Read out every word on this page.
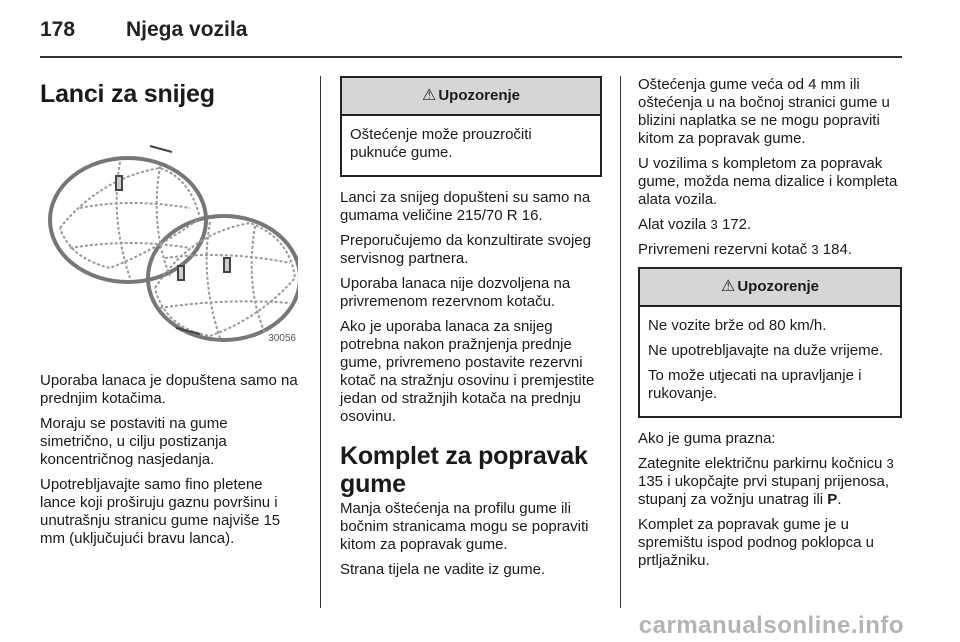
178 Njega vozila
Lanci za snijeg
30056

Uporaba lanaca je dopuštena samo na prednjim kotačima.

Moraju se postaviti na gume simetrično, u cilju postizanja koncentričnog nasjedanja.

Upotrebljavajte samo fino pletene lance koji proširuju gaznu površinu i unutrašnju stranicu gume najviše 15 mm (uključujući bravu lanca).

⚠ Upozorenje

Oštećenje može prouzročiti puknuće gume.

Lanci za snijeg dopušteni su samo na gumama veličine 215/70 R 16.

Preporučujemo da konzultirate svojeg servisnog partnera.

Uporaba lanaca nije dozvoljena na privremenom rezervnom kotaču.

Ako je uporaba lanaca za snijeg potrebna nakon pražnjenja prednje gume, privremeno postavite rezervni kotač na stražnju osovinu i premjestite jedan od stražnjih kotača na prednju osovinu.

Komplet za popravak gume

Manja oštećenja na profilu gume ili bočnim stranicama mogu se popraviti kitom za popravak gume.

Strana tijela ne vadite iz gume.

Oštećenja gume veća od 4 mm ili oštećenja u na bočnoj stranici gume u blizini naplatka se ne mogu popraviti kitom za popravak gume.

U vozilima s kompletom za popravak gume, možda nema dizalice i kompleta alata vozila.

Alat vozila 3 172.

Privremeni rezervni kotač 3 184.

⚠ Upozorenje

Ne vozite brže od 80 km/h.

Ne upotrebljavajte na duže vrijeme.

To može utjecati na upravljanje i rukovanje.

Ako je guma prazna:

Zategnite električnu parkirnu kočnicu 3 135 i ukopčajte prvi stupanj prijenosa, stupanj za vožnju unatrag ili P.

Komplet za popravak gume je u spremištu ispod podnog poklopca u prtljažniku.

carmanualsonline.info
